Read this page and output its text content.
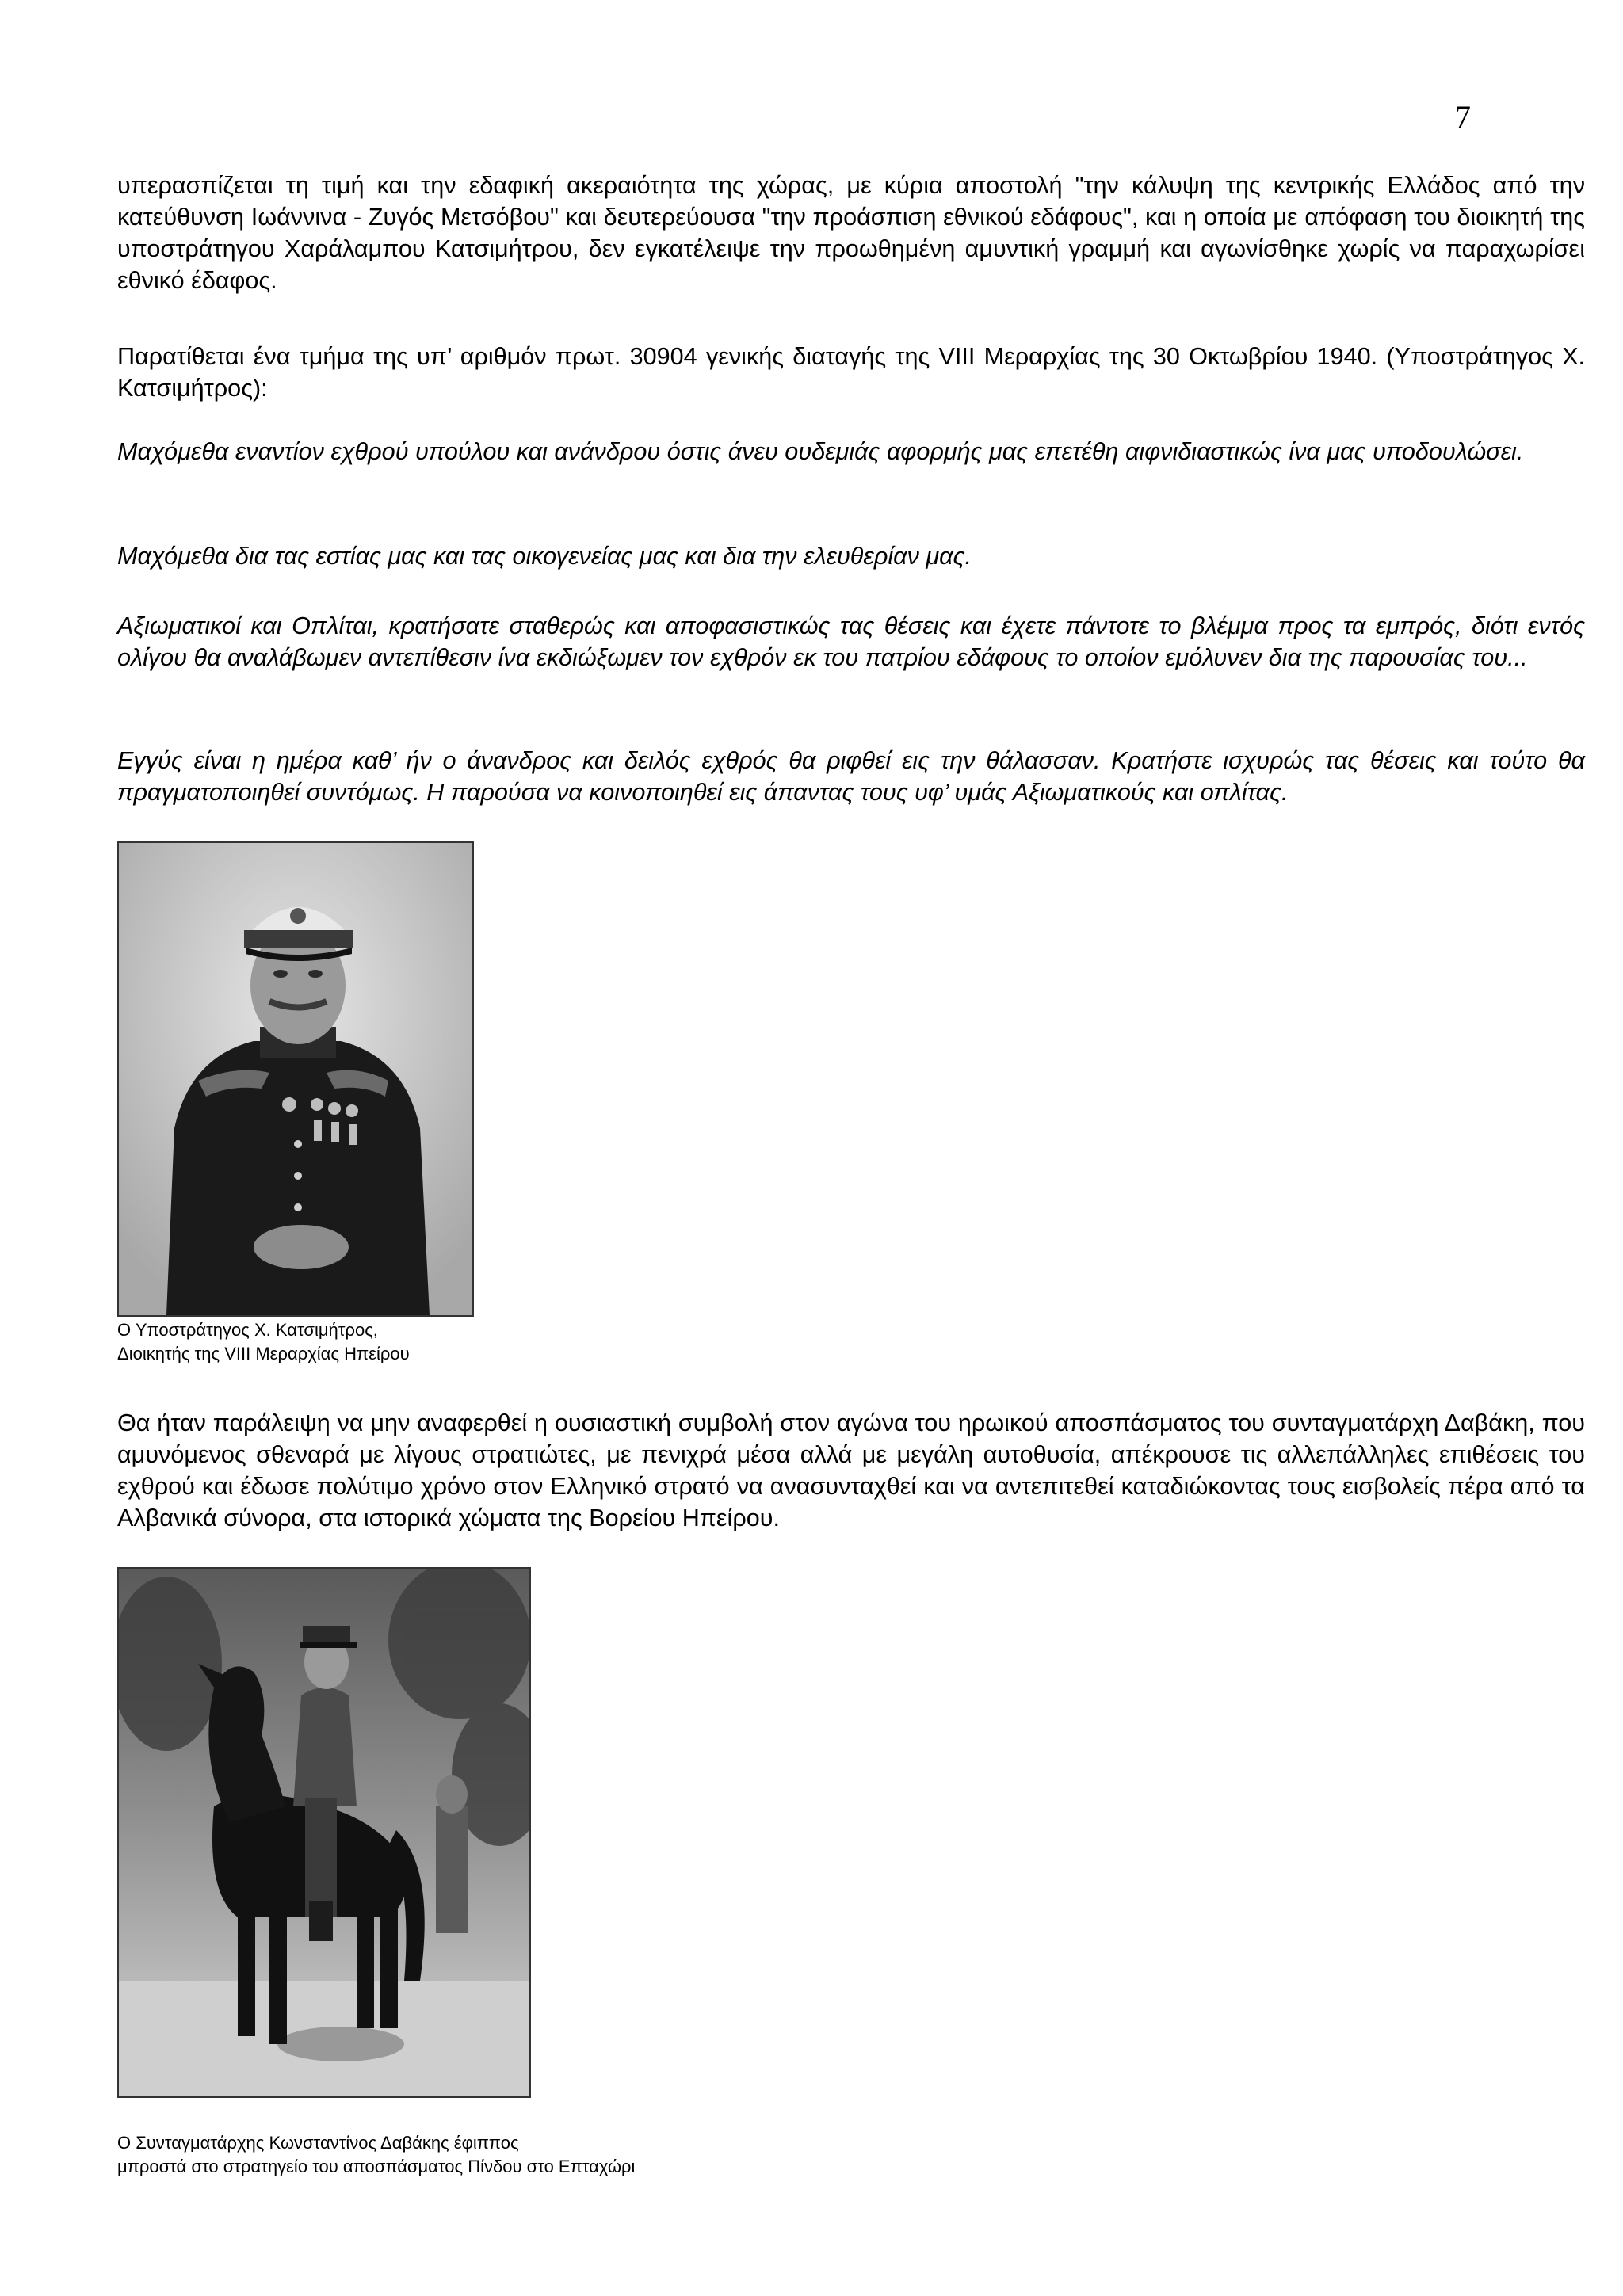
7

υπερασπίζεται τη τιμή και την εδαφική ακεραιότητα της χώρας, με κύρια αποστολή "την κάλυψη της κεντρικής Ελλάδος από την κατεύθυνση Ιωάννινα - Ζυγός Μετσόβου" και δευτερεύουσα "την προάσπιση εθνικού εδάφους", και η οποία με απόφαση του διοικητή της υποστράτηγου Χαράλαμπου Κατσιμήτρου, δεν εγκατέλειψε την προωθημένη αμυντική γραμμή και αγωνίσθηκε χωρίς να παραχωρίσει εθνικό έδαφος.

Παρατίθεται ένα τμήμα της υπ’ αριθμόν πρωτ. 30904 γενικής διαταγής της VIII Μεραρχίας της 30 Οκτωβρίου 1940. (Υποστράτηγος Χ. Κατσιμήτρος):

Μαχόμεθα εναντίον εχθρού υπούλου και ανάνδρου όστις άνευ ουδεμιάς αφορμής μας επετέθη αιφνιδιαστικώς ίνα μας υποδουλώσει.

Μαχόμεθα δια τας εστίας μας και τας οικογενείας μας και δια την ελευθερίαν μας.

Αξιωματικοί και Οπλίται, κρατήσατε σταθερώς και αποφασιστικώς τας θέσεις και έχετε πάντοτε το βλέμμα προς τα εμπρός, διότι εντός ολίγου θα αναλάβωμεν αντεπίθεσιν ίνα εκδιώξωμεν τον εχθρόν εκ του πατρίου εδάφους το οποίον εμόλυνεν δια της παρουσίας του...

Εγγύς είναι η ημέρα καθ’ ήν ο άνανδρος και δειλός εχθρός θα ριφθεί εις την θάλασσαν. Κρατήστε ισχυρώς τας θέσεις και τούτο θα πραγματοποιηθεί συντόμως. Η παρούσα να κοινοποιηθεί εις άπαντας τους υφ’ υμάς Αξιωματικούς και οπλίτας.

Ο Υποστράτηγος Χ. Κατσιμήτρος,
Διοικητής της VIII Μεραρχίας Ηπείρου

Θα ήταν παράλειψη να μην αναφερθεί η ουσιαστική συμβολή στον αγώνα του ηρωικού αποσπάσματος του συνταγματάρχη Δαβάκη, που αμυνόμενος σθεναρά με λίγους στρατιώτες, με πενιχρά μέσα αλλά με μεγάλη αυτοθυσία, απέκρουσε τις αλλεπάλληλες επιθέσεις του εχθρού και έδωσε πολύτιμο χρόνο στον Ελληνικό στρατό να ανασυνταχθεί και να αντεπιτεθεί καταδιώκοντας τους εισβολείς πέρα από τα Αλβανικά σύνορα, στα ιστορικά χώματα της Βορείου Ηπείρου.

Ο Συνταγματάρχης Κωνσταντίνος Δαβάκης έφιππος
μπροστά στο στρατηγείο του αποσπάσματος Πίνδου στο Επταχώρι
